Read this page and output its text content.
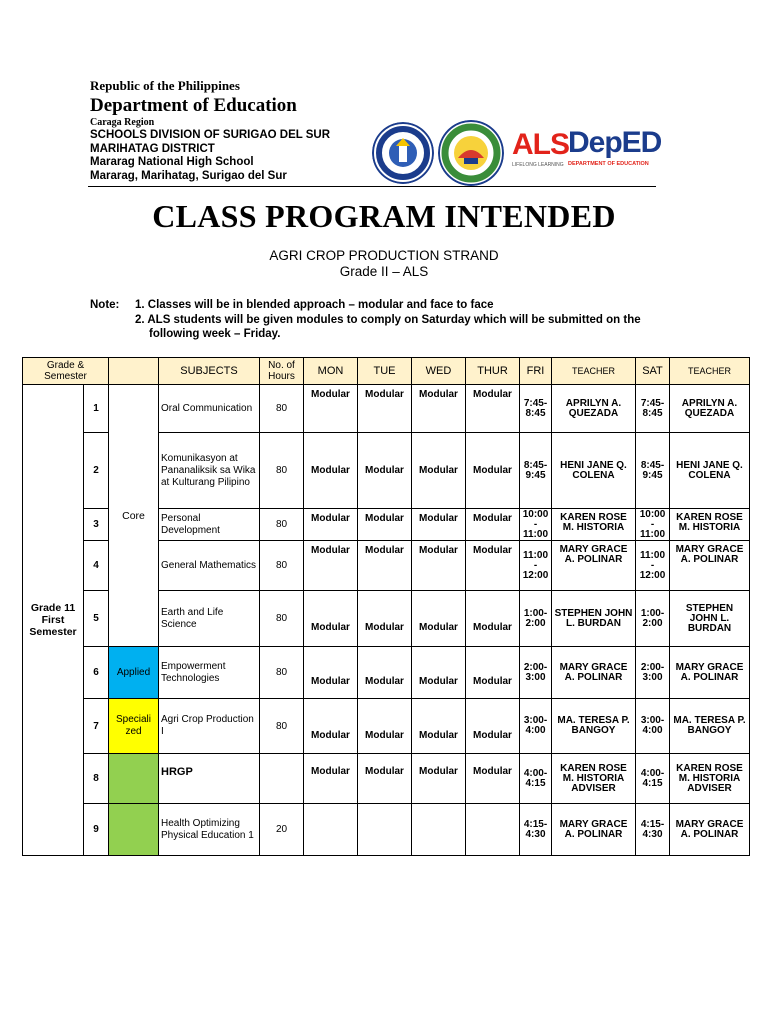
Republic of the Philippines
Department of Education
Caraga Region
SCHOOLS DIVISION OF SURIGAO DEL SUR
MARIHATAG DISTRICT
Mararag National High School
Mararag, Marihatag, Surigao del Sur
ALS
LIFELONG LEARNING
DepED
DEPARTMENT OF EDUCATION
CLASS PROGRAM INTENDED
AGRI CROP PRODUCTION STRAND
Grade II – ALS
Note: 1. Classes will be in blended approach – modular and face to face
2. ALS students will be given modules to comply on Saturday which will be submitted on the
following week – Friday.
Grade & Semester			SUBJECTS	No. of Hours	MON	TUE	WED	THUR	FRI	TEACHER	SAT	TEACHER
Grade 11 First Semester	1	Core	Oral Communication	80	Modular	Modular	Modular	Modular	7:45- 8:45	APRILYN A. QUEZADA	7:45- 8:45	APRILYN A. QUEZADA
	2		Komunikasyon at Pananaliksik sa Wika at Kulturang Pilipino	80	Modular	Modular	Modular	Modular	8:45- 9:45	HENI JANE Q. COLENA	8:45- 9:45	HENI JANE Q. COLENA
	3		Personal Development	80	Modular	Modular	Modular	Modular	10:00 - 11:00	KAREN ROSE M. HISTORIA	10:00 - 11:00	KAREN ROSE M. HISTORIA
	4		General Mathematics	80	Modular	Modular	Modular	Modular	11:00 - 12:00	MARY GRACE A. POLINAR	11:00 - 12:00	MARY GRACE A. POLINAR
	5		Earth and Life Science	80	Modular	Modular	Modular	Modular	1:00- 2:00	STEPHEN JOHN L. BURDAN	1:00- 2:00	STEPHEN JOHN L. BURDAN
	6	Applied	Empowerment Technologies	80	Modular	Modular	Modular	Modular	2:00- 3:00	MARY GRACE A. POLINAR	2:00- 3:00	MARY GRACE A. POLINAR
	7	Speciali zed	Agri Crop Production I	80	Modular	Modular	Modular	Modular	3:00- 4:00	MA. TERESA P. BANGOY	3:00- 4:00	MA. TERESA P. BANGOY
	8		HRGP		Modular	Modular	Modular	Modular	4:00- 4:15	KAREN ROSE M. HISTORIA ADVISER	4:00- 4:15	KAREN ROSE M. HISTORIA ADVISER
	9		Health Optimizing Physical Education 1	20					4:15- 4:30	MARY GRACE A. POLINAR	4:15- 4:30	MARY GRACE A. POLINAR
